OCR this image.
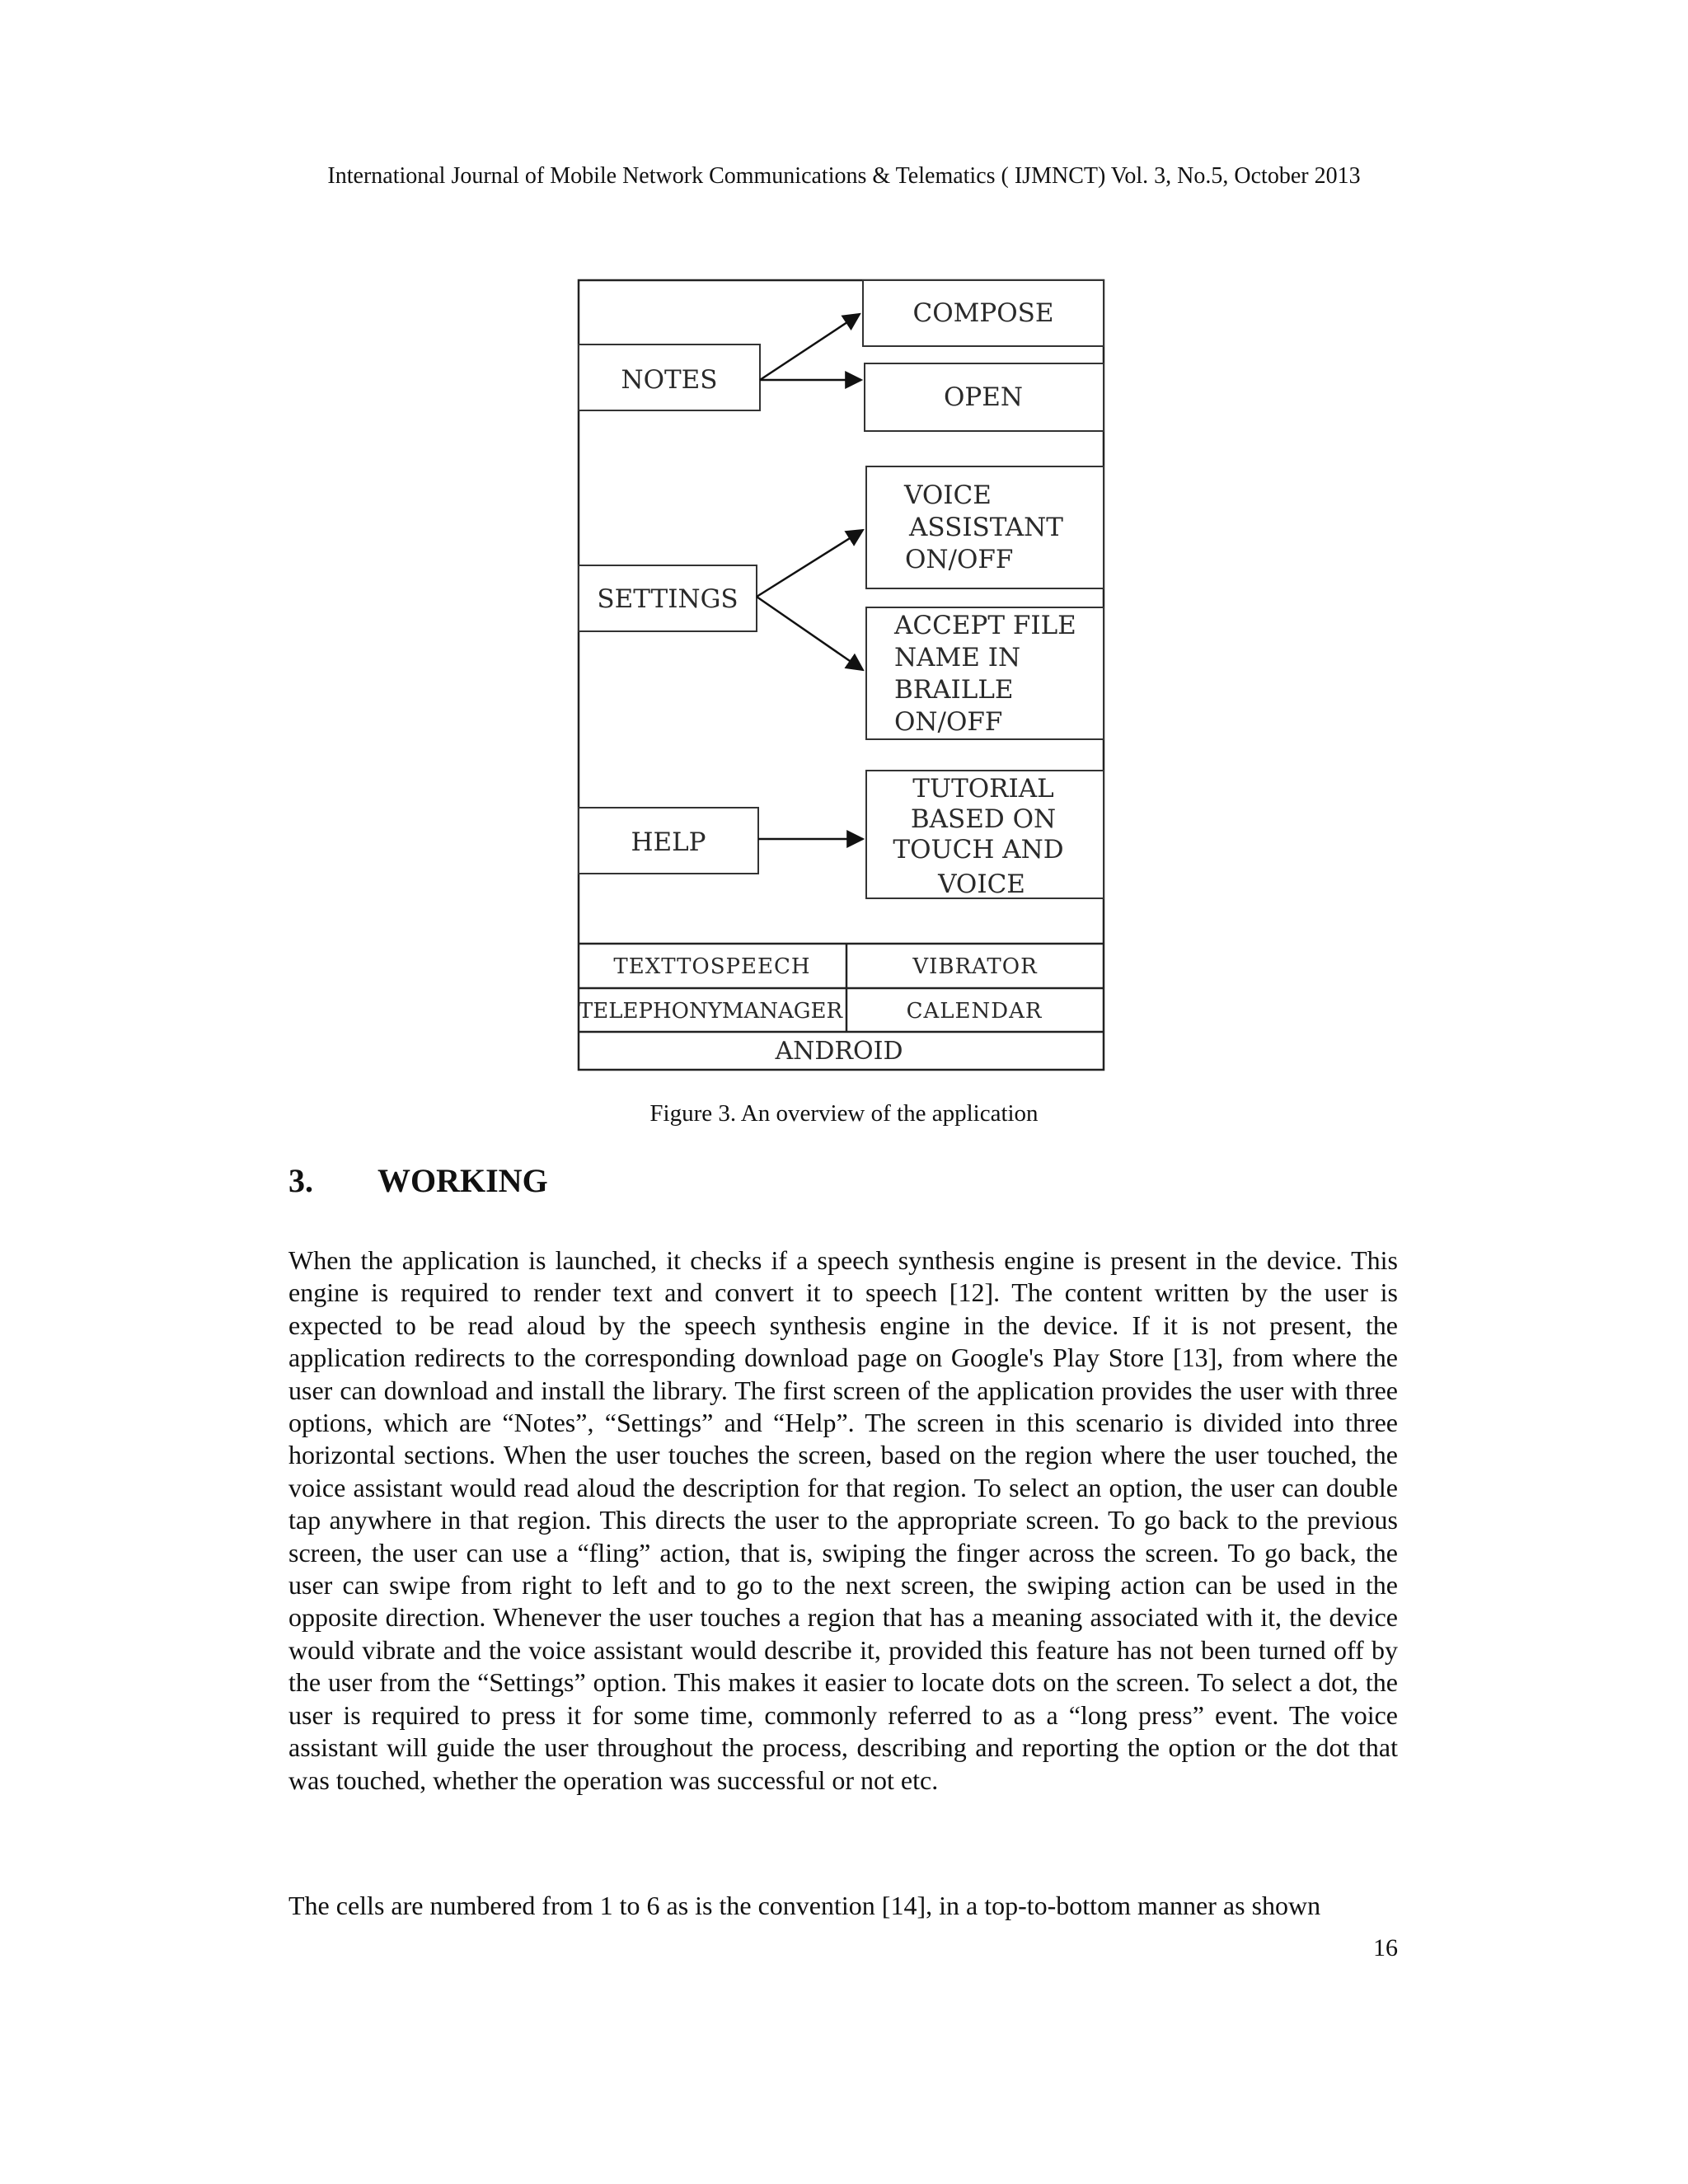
International Journal of Mobile Network Communications & Telematics ( IJMNCT) Vol. 3, No.5, October 2013
NOTES
SETTINGS
HELP
COMPOSE
OPEN
VOICE
ASSISTANT
ON/OFF
ACCEPT FILE
NAME IN
BRAILLE
ON/OFF
TUTORIAL
BASED ON
TOUCH AND
VOICE
TEXTTOSPEECH	VIBRATOR
TELEPHONYMANAGER	CALENDAR
ANDROID
Figure 3. An overview of the application
3. WORKING

When the application is launched, it checks if a speech synthesis engine is present in the device. This engine is required to render text and convert it to speech [12]. The content written by the user is expected to be read aloud by the speech synthesis engine in the device. If it is not present, the application redirects to the corresponding download page on Google's Play Store [13], from where the user can download and install the library. The first screen of the application provides the user with three options, which are “Notes”, “Settings” and “Help”. The screen in this scenario is divided into three horizontal sections. When the user touches the screen, based on the region where the user touched, the voice assistant would read aloud the description for that region. To select an option, the user can double tap anywhere in that region. This directs the user to the appropriate screen. To go back to the previous screen, the user can use a “fling” action, that is, swiping the finger across the screen. To go back, the user can swipe from right to left and to go to the next screen, the swiping action can be used in the opposite direction. Whenever the user touches a region that has a meaning associated with it, the device would vibrate and the voice assistant would describe it, provided this feature has not been turned off by the user from the “Settings” option. This makes it easier to locate dots on the screen. To select a dot, the user is required to press it for some time, commonly referred to as a “long press” event. The voice assistant will guide the user throughout the process, describing and reporting the option or the dot that was touched, whether the operation was successful or not etc.

The cells are numbered from 1 to 6 as is the convention [14], in a top-to-bottom manner as shown

16
